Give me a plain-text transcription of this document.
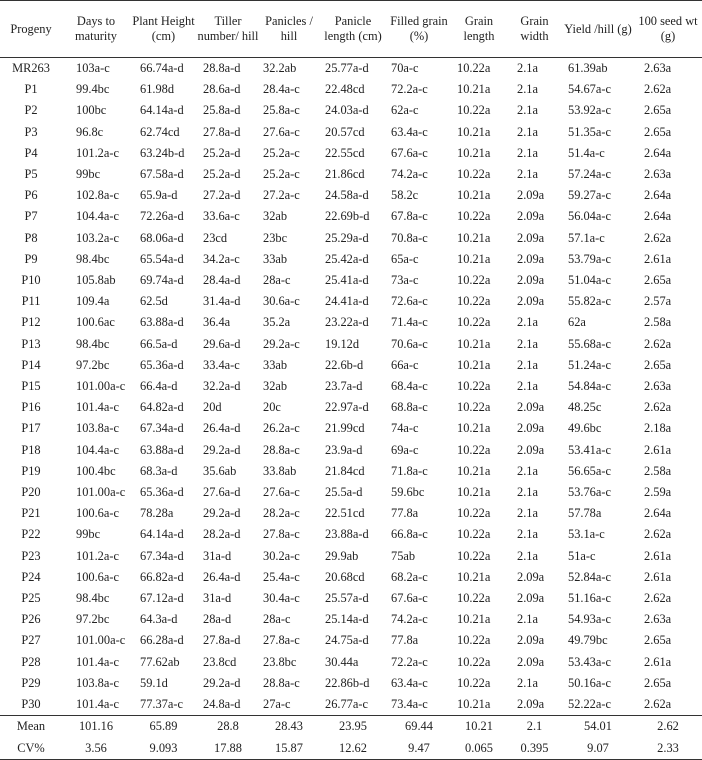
Progeny	Days to maturity	Plant Height (cm)	Tiller number/ hill	Panicles / hill	Panicle length (cm)	Filled grain (%)	Grain length	Grain width	Yield /hill (g)	100 seed wt (g)
MR263	103a-c	66.74a-d	28.8a-d	32.2ab	25.77a-d	70a-c	10.22a	2.1a	61.39ab	2.63a
P1	99.4bc	61.98d	28.6a-d	28.4a-c	22.48cd	72.2a-c	10.21a	2.1a	54.67a-c	2.62a
P2	100bc	64.14a-d	25.8a-d	25.8a-c	24.03a-d	62a-c	10.22a	2.1a	53.92a-c	2.65a
P3	96.8c	62.74cd	27.8a-d	27.6a-c	20.57cd	63.4a-c	10.21a	2.1a	51.35a-c	2.65a
P4	101.2a-c	63.24b-d	25.2a-d	25.2a-c	22.55cd	67.6a-c	10.21a	2.1a	51.4a-c	2.64a
P5	99bc	67.58a-d	25.2a-d	25.2a-c	21.86cd	74.2a-c	10.22a	2.1a	57.24a-c	2.63a
P6	102.8a-c	65.9a-d	27.2a-d	27.2a-c	24.58a-d	58.2c	10.21a	2.09a	59.27a-c	2.64a
P7	104.4a-c	72.26a-d	33.6a-c	32ab	22.69b-d	67.8a-c	10.22a	2.09a	56.04a-c	2.64a
P8	103.2a-c	68.06a-d	23cd	23bc	25.29a-d	70.8a-c	10.21a	2.09a	57.1a-c	2.62a
P9	98.4bc	65.54a-d	34.2a-c	33ab	25.42a-d	65a-c	10.21a	2.09a	53.79a-c	2.61a
P10	105.8ab	69.74a-d	28.4a-d	28a-c	25.41a-d	73a-c	10.22a	2.09a	51.04a-c	2.65a
P11	109.4a	62.5d	31.4a-d	30.6a-c	24.41a-d	72.6a-c	10.22a	2.09a	55.82a-c	2.57a
P12	100.6ac	63.88a-d	36.4a	35.2a	23.22a-d	71.4a-c	10.22a	2.1a	62a	2.58a
P13	98.4bc	66.5a-d	29.6a-d	29.2a-c	19.12d	70.6a-c	10.21a	2.1a	55.68a-c	2.62a
P14	97.2bc	65.36a-d	33.4a-c	33ab	22.6b-d	66a-c	10.21a	2.1a	51.24a-c	2.65a
P15	101.00a-c	66.4a-d	32.2a-d	32ab	23.7a-d	68.4a-c	10.22a	2.1a	54.84a-c	2.63a
P16	101.4a-c	64.82a-d	20d	20c	22.97a-d	68.8a-c	10.22a	2.09a	48.25c	2.62a
P17	103.8a-c	67.34a-d	26.4a-d	26.2a-c	21.99cd	74a-c	10.21a	2.09a	49.6bc	2.18a
P18	104.4a-c	63.88a-d	29.2a-d	28.8a-c	23.9a-d	69a-c	10.22a	2.09a	53.41a-c	2.61a
P19	100.4bc	68.3a-d	35.6ab	33.8ab	21.84cd	71.8a-c	10.21a	2.1a	56.65a-c	2.58a
P20	101.00a-c	65.36a-d	27.6a-d	27.6a-c	25.5a-d	59.6bc	10.21a	2.1a	53.76a-c	2.59a
P21	100.6a-c	78.28a	29.2a-d	28.2a-c	22.51cd	77.8a	10.22a	2.1a	57.78a	2.64a
P22	99bc	64.14a-d	28.2a-d	27.8a-c	23.88a-d	66.8a-c	10.22a	2.1a	53.1a-c	2.62a
P23	101.2a-c	67.34a-d	31a-d	30.2a-c	29.9ab	75ab	10.22a	2.1a	51a-c	2.61a
P24	100.6a-c	66.82a-d	26.4a-d	25.4a-c	20.68cd	68.2a-c	10.21a	2.09a	52.84a-c	2.61a
P25	98.4bc	67.12a-d	31a-d	30.4a-c	25.57a-d	67.6a-c	10.22a	2.09a	51.16a-c	2.62a
P26	97.2bc	64.3a-d	28a-d	28a-c	25.14a-d	74.2a-c	10.21a	2.1a	54.93a-c	2.63a
P27	101.00a-c	66.28a-d	27.8a-d	27.8a-c	24.75a-d	77.8a	10.22a	2.09a	49.79bc	2.65a
P28	101.4a-c	77.62ab	23.8cd	23.8bc	30.44a	72.2a-c	10.22a	2.09a	53.43a-c	2.61a
P29	103.8a-c	59.1d	29.2a-d	28.8a-c	22.86b-d	63.4a-c	10.22a	2.1a	50.16a-c	2.65a
P30	101.4a-c	77.37a-c	24.8a-d	27a-c	26.77a-c	73.4a-c	10.21a	2.09a	52.22a-c	2.62a
Mean	101.16	65.89	28.8	28.43	23.95	69.44	10.21	2.1	54.01	2.62
CV%	3.56	9.093	17.88	15.87	12.62	9.47	0.065	0.395	9.07	2.33
